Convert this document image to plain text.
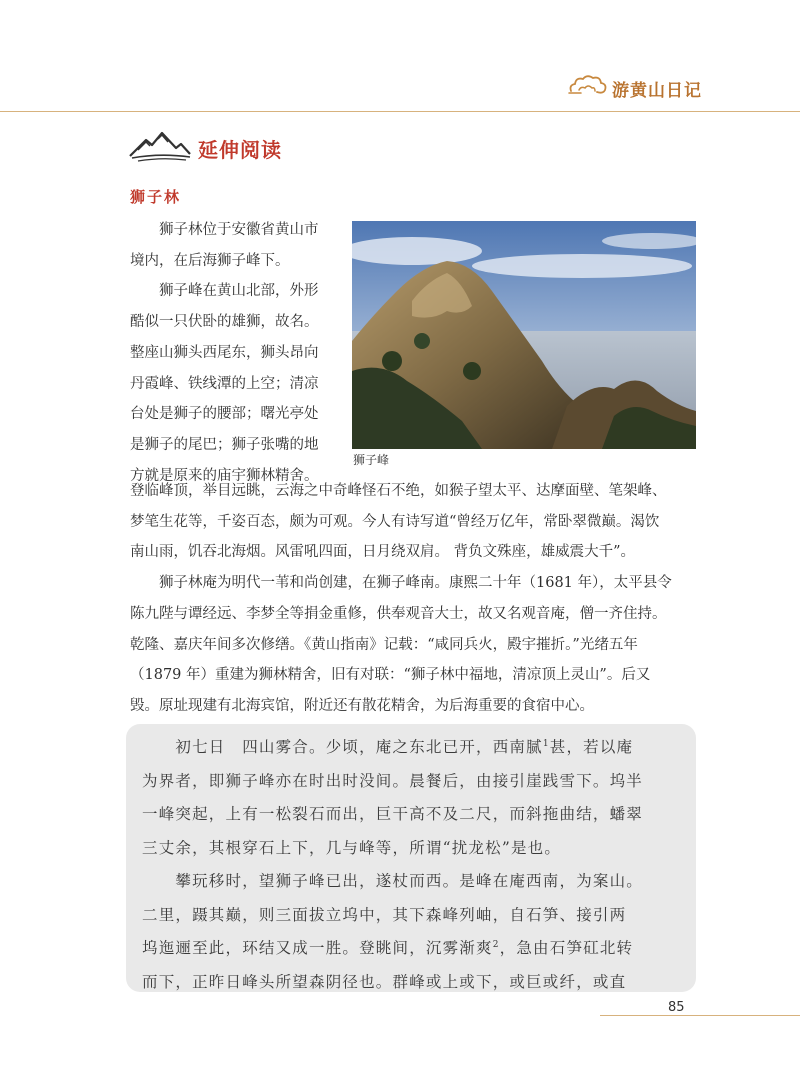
游黄山日记
延伸阅读
狮子林
　　狮子林位于安徽省黄山市
境内，在后海狮子峰下。
　　狮子峰在黄山北部，外形
酷似一只伏卧的雄狮，故名。
整座山狮头西尾东，狮头昂向
丹霞峰、铁线潭的上空；清凉
台处是狮子的腰部；曙光亭处
是狮子的尾巴；狮子张嘴的地
方就是原来的庙宇狮林精舍。
狮子峰
登临峰顶，举目远眺，云海之中奇峰怪石不绝，如猴子望太平、达摩面壁、笔架峰、
梦笔生花等，千姿百态，颇为可观。今人有诗写道“曾经万亿年，常卧翠微巅。渴饮
南山雨，饥吞北海烟。风雷吼四面，日月绕双肩。 背负文殊座，雄威震大千”。
　　狮子林庵为明代一苇和尚创建，在狮子峰南。康熙二十年（1681 年），太平县令
陈九陛与谭经远、李梦全等捐金重修，供奉观音大士，故又名观音庵，僧一齐住持。
乾隆、嘉庆年间多次修缮。《黄山指南》记载：“咸同兵火，殿宇摧折。”光绪五年
（1879 年）重建为狮林精舍，旧有对联：“狮子林中福地，清凉顶上灵山”。后又
毁。原址现建有北海宾馆，附近还有散花精舍，为后海重要的食宿中心。
　　初七日　四山雾合。少顷，庵之东北已开，西南腻$^1$甚，若以庵
为界者，即狮子峰亦在时出时没间。晨餐后，由接引崖践雪下。坞半
一峰突起，上有一松裂石而出，巨干高不及二尺，而斜拖曲结，蟠翠
三丈余，其根穿石上下，几与峰等，所谓“扰龙松”是也。
　　攀玩移时，望狮子峰已出，遂杖而西。是峰在庵西南，为案山。
二里，蹑其巅，则三面拔立坞中，其下森峰列岫，自石笋、接引两
坞迤逦至此，环结又成一胜。登眺间，沉雾渐爽$^2$，急由石笋矼北转
而下，正昨日峰头所望森阴径也。群峰或上或下，或巨或纤，或直
85
